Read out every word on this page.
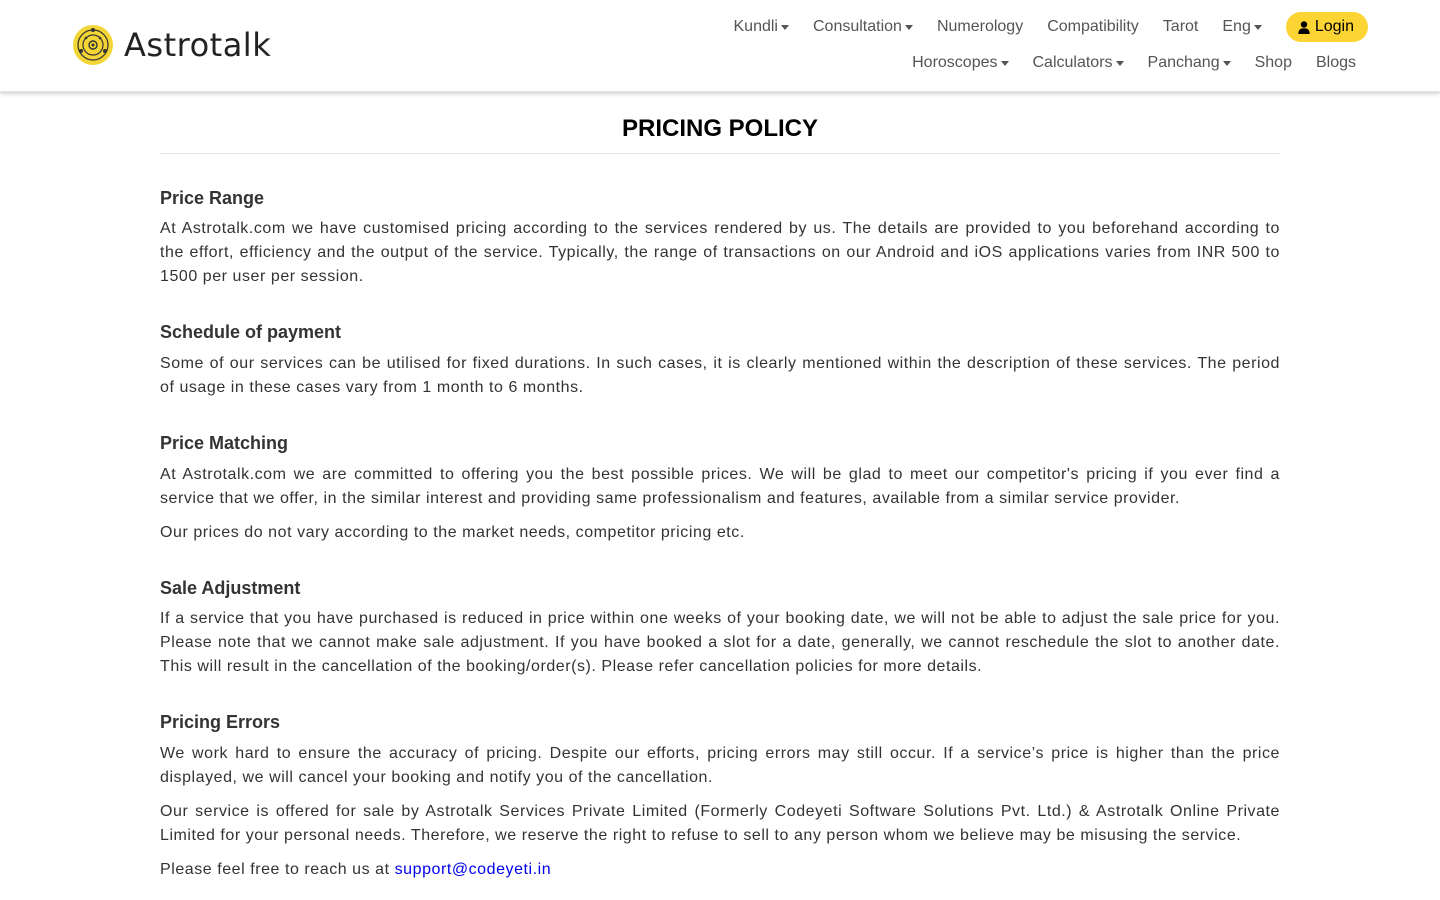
Astrotalk	Kundli Consultation Numerology Compatibility Tarot Eng	Login
Horoscopes Calculators Panchang Shop Blogs
PRICING POLICY
Price Range

At Astrotalk.com we have customised pricing according to the services rendered by us. The details are provided to you beforehand according to the effort, efficiency and the output of the service. Typically, the range of transactions on our Android and iOS applications varies from INR 500 to 1500 per user per session.

Schedule of payment

Some of our services can be utilised for fixed durations. In such cases, it is clearly mentioned within the description of these services. The period of usage in these cases vary from 1 month to 6 months.

Price Matching

At Astrotalk.com we are committed to offering you the best possible prices. We will be glad to meet our competitor's pricing if you ever find a service that we offer, in the similar interest and providing same professionalism and features, available from a similar service provider.

Our prices do not vary according to the market needs, competitor pricing etc.

Sale Adjustment

If a service that you have purchased is reduced in price within one weeks of your booking date, we will not be able to adjust the sale price for you. Please note that we cannot make sale adjustment. If you have booked a slot for a date, generally, we cannot reschedule the slot to another date. This will result in the cancellation of the booking/order(s). Please refer cancellation policies for more details.

Pricing Errors

We work hard to ensure the accuracy of pricing. Despite our efforts, pricing errors may still occur. If a service’s price is higher than the price displayed, we will cancel your booking and notify you of the cancellation.

Our service is offered for sale by Astrotalk Services Private Limited (Formerly Codeyeti Software Solutions Pvt. Ltd.) & Astrotalk Online Private Limited for your personal needs. Therefore, we reserve the right to refuse to sell to any person whom we believe may be misusing the service.

Please feel free to reach us at support@codeyeti.in
